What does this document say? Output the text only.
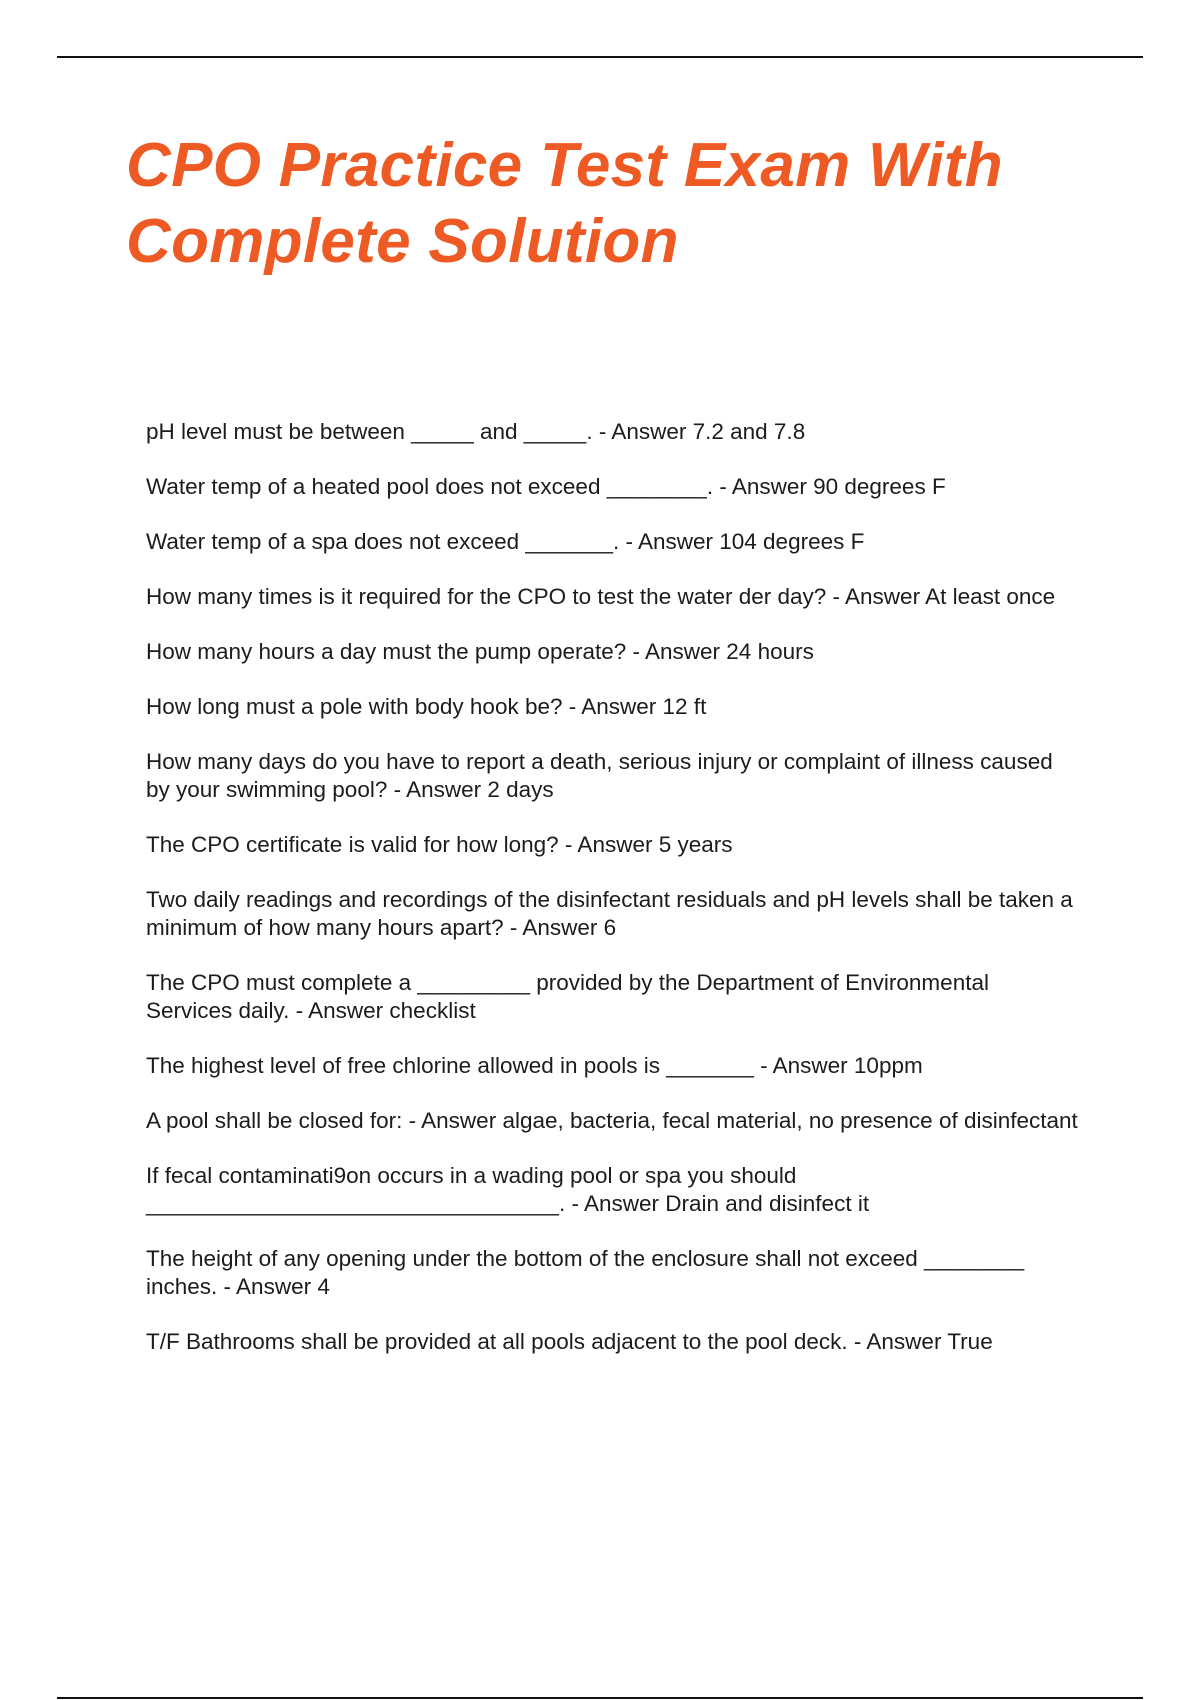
CPO Practice Test Exam With
Complete Solution
pH level must be between _____ and _____. - Answer 7.2 and 7.8
Water temp of a heated pool does not exceed ________. - Answer 90 degrees F
Water temp of a spa does not exceed _______. - Answer 104 degrees F
How many times is it required for the CPO to test the water der day? - Answer At least once
How many hours a day must the pump operate? - Answer 24 hours
How long must a pole with body hook be? - Answer 12 ft
How many days do you have to report a death, serious injury or complaint of illness caused by your swimming pool? - Answer 2 days
The CPO certificate is valid for how long? - Answer 5 years
Two daily readings and recordings of the disinfectant residuals and pH levels shall be taken a minimum of how many hours apart? - Answer 6
The CPO must complete a _________ provided by the Department of Environmental Services daily. - Answer checklist
The highest level of free chlorine allowed in pools is _______ - Answer 10ppm
A pool shall be closed for: - Answer algae, bacteria, fecal material, no presence of disinfectant
If fecal contaminati9on occurs in a wading pool or spa you should _________________________________. - Answer Drain and disinfect it
The height of any opening under the bottom of the enclosure shall not exceed ________ inches. - Answer 4
T/F Bathrooms shall be provided at all pools adjacent to the pool deck. - Answer True
